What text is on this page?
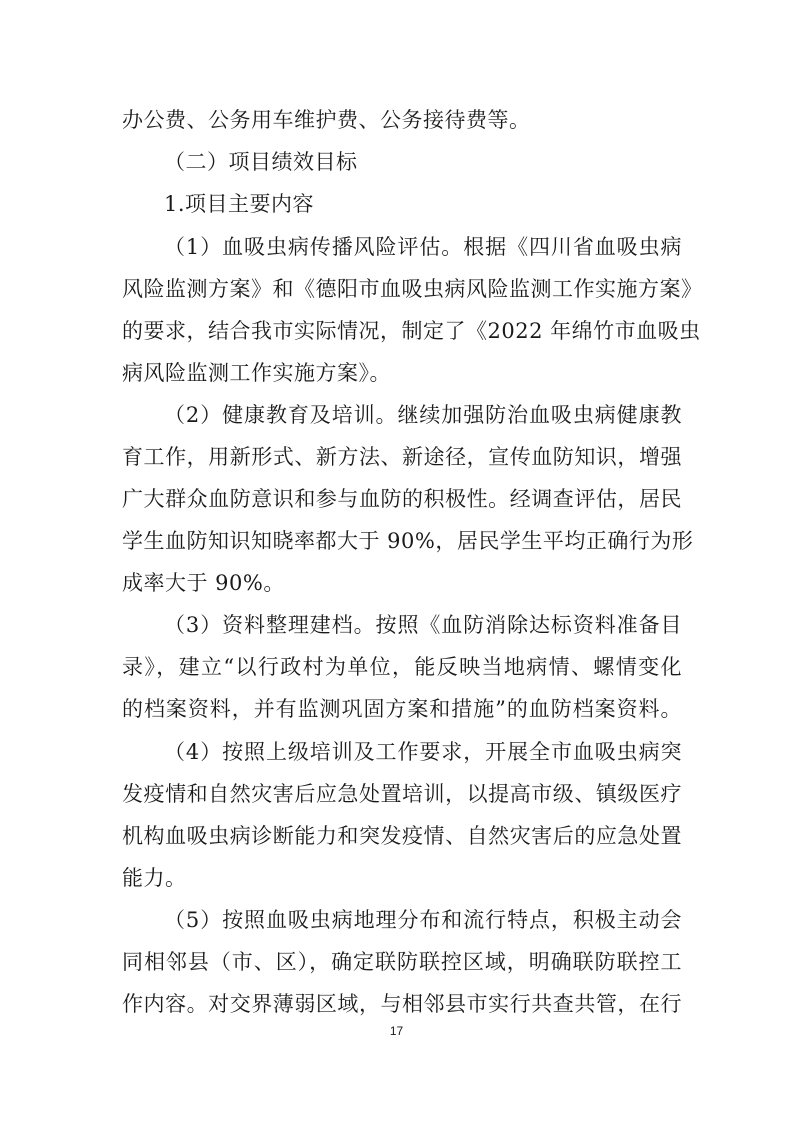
办公费、公务用车维护费、公务接待费等。
（二）项目绩效目标
1.项目主要内容
（1）血吸虫病传播风险评估。根据《四川省血吸虫病
风险监测方案》和《德阳市血吸虫病风险监测工作实施方案》
的要求，结合我市实际情况，制定了《2022 年绵竹市血吸虫
病风险监测工作实施方案》。
（2）健康教育及培训。继续加强防治血吸虫病健康教
育工作，用新形式、新方法、新途径，宣传血防知识，增强
广大群众血防意识和参与血防的积极性。经调查评估，居民
学生血防知识知晓率都大于 90%，居民学生平均正确行为形
成率大于 90%。
（3）资料整理建档。按照《血防消除达标资料准备目
录》，建立“以行政村为单位，能反映当地病情、螺情变化
的档案资料，并有监测巩固方案和措施”的血防档案资料。
（4）按照上级培训及工作要求，开展全市血吸虫病突
发疫情和自然灾害后应急处置培训，以提高市级、镇级医疗
机构血吸虫病诊断能力和突发疫情、自然灾害后的应急处置
能力。
（5）按照血吸虫病地理分布和流行特点，积极主动会
同相邻县（市、区），确定联防联控区域，明确联防联控工
作内容。对交界薄弱区域，与相邻县市实行共查共管，在行
17
